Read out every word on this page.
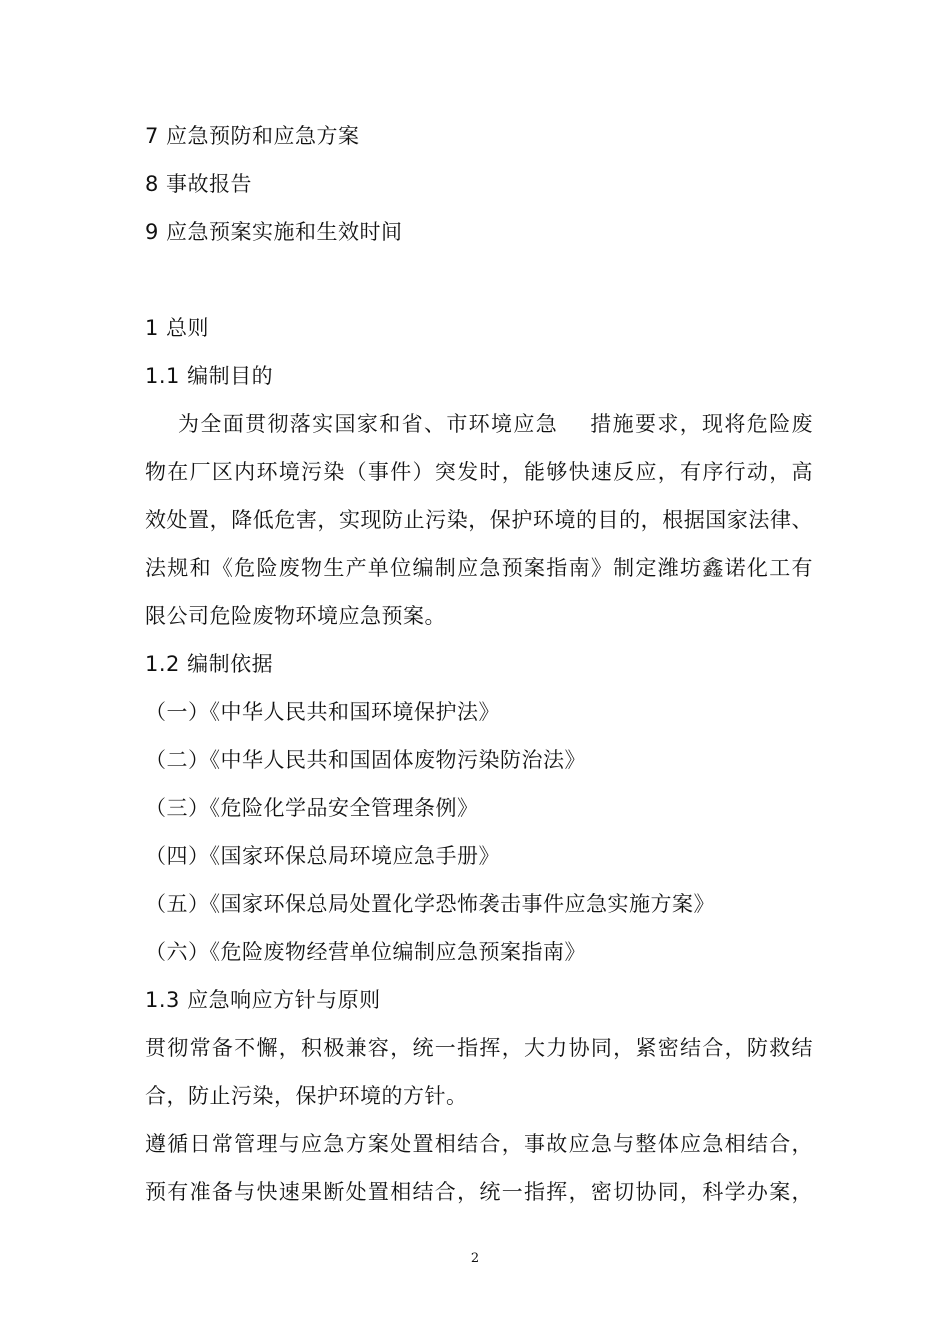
7 应急预防和应急方案
8 事故报告
9 应急预案实施和生效时间
1 总则
1.1 编制目的
为全面贯彻落实国家和省、市环境应急    措施要求，现将危险废
物在厂区内环境污染（事件）突发时，能够快速反应，有序行动，高
效处置，降低危害，实现防止污染，保护环境的目的，根据国家法律、
法规和《危险废物生产单位编制应急预案指南》制定潍坊鑫诺化工有
限公司危险废物环境应急预案。
1.2 编制依据
（一）《中华人民共和国环境保护法》
（二）《中华人民共和国固体废物污染防治法》
（三）《危险化学品安全管理条例》
（四）《国家环保总局环境应急手册》
（五）《国家环保总局处置化学恐怖袭击事件应急实施方案》
（六）《危险废物经营单位编制应急预案指南》
1.3 应急响应方针与原则
贯彻常备不懈，积极兼容，统一指挥，大力协同，紧密结合，防救结
合，防止污染，保护环境的方针。
遵循日常管理与应急方案处置相结合，事故应急与整体应急相结合，
预有准备与快速果断处置相结合，统一指挥，密切协同，科学办案，
2
